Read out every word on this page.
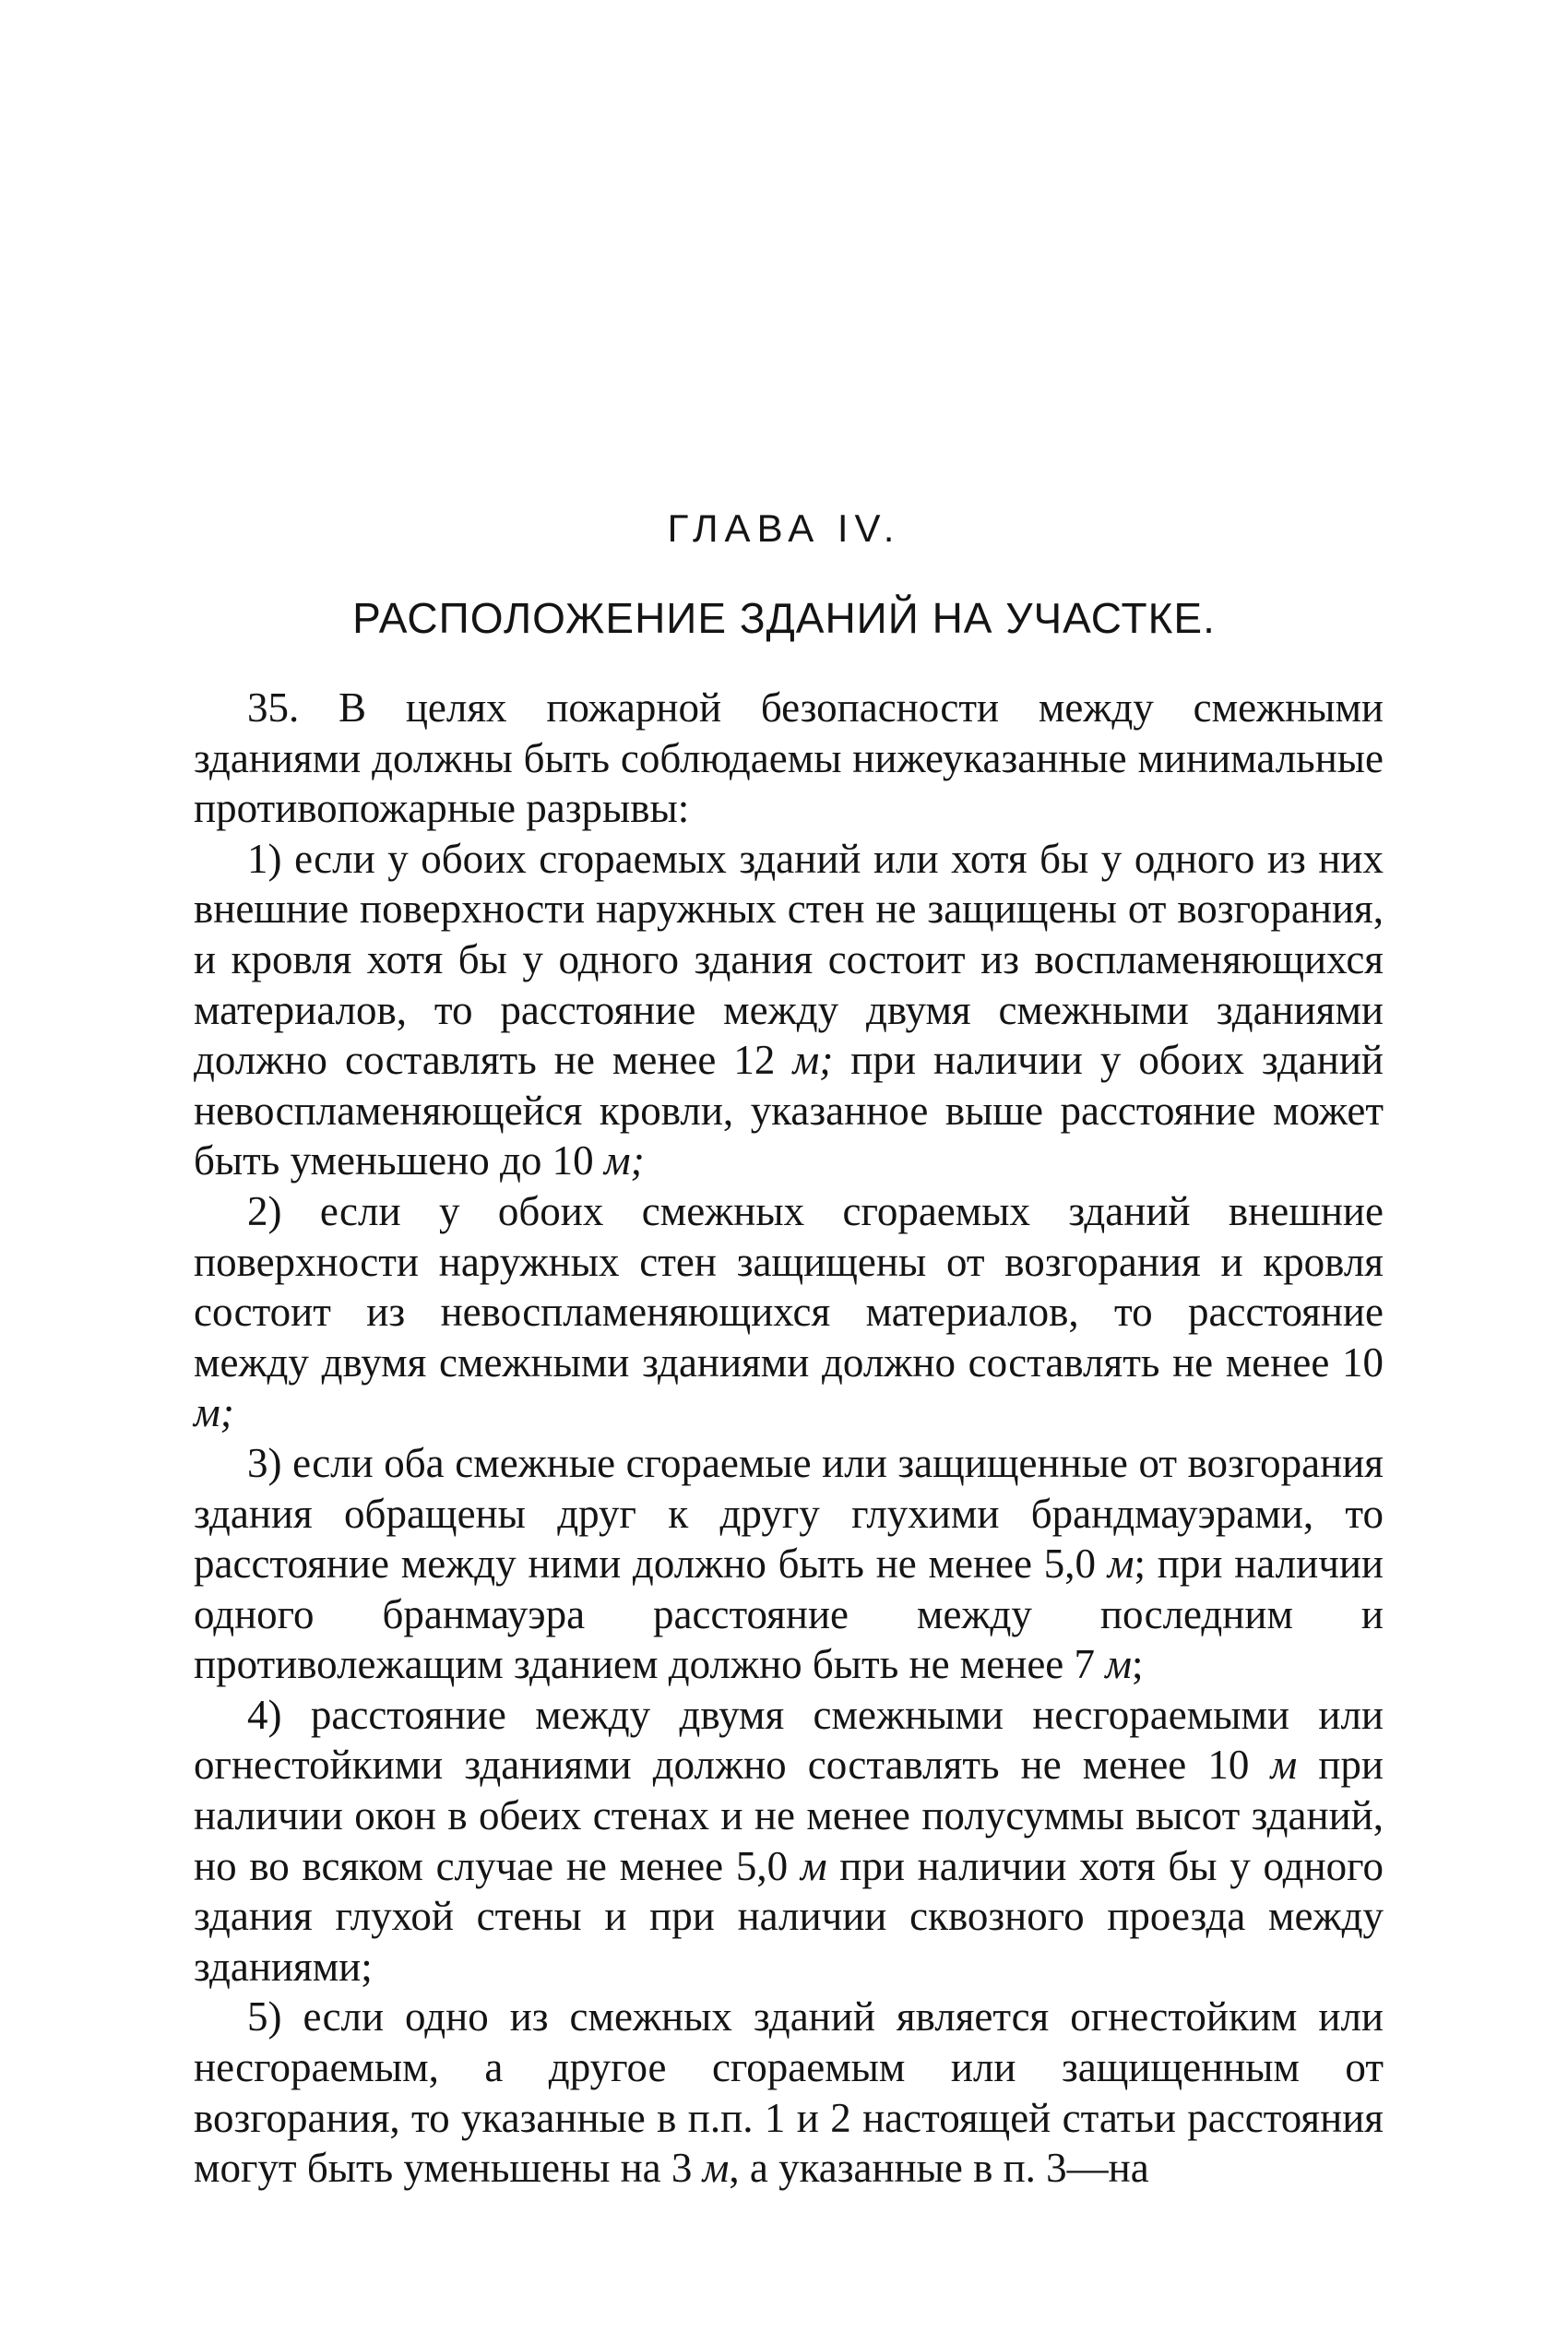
ГЛАВА IV.
РАСПОЛОЖЕНИЕ ЗДАНИЙ НА УЧАСТКЕ.

35. В целях пожарной безопасности между смежными зданиями должны быть соблюдаемы нижеуказанные минимальные противопожарные разрывы:

1) если у обоих сгораемых зданий или хотя бы у одного из них внешние поверхности наружных стен не защищены от возгорания, и кровля хотя бы у одного здания состоит из воспламеняющихся материалов, то расстояние между двумя смежными зданиями должно составлять не менее 12 м; при наличии у обоих зданий невоспламеняющейся кровли, указанное выше расстояние может быть уменьшено до 10 м;

2) если у обоих смежных сгораемых зданий внешние поверхности наружных стен защищены от возгорания и кровля состоит из невоспламеняющихся материалов, то расстояние между двумя смежными зданиями должно составлять не менее 10 м;

3) если оба смежные сгораемые или защищенные от возгорания здания обращены друг к другу глухими брандмауэрами, то расстояние между ними должно быть не менее 5,0 м; при наличии одного бранмауэра расстояние между последним и противолежащим зданием должно быть не менее 7 м;

4) расстояние между двумя смежными несгораемыми или огнестойкими зданиями должно составлять не менее 10 м при наличии окон в обеих стенах и не менее полусуммы высот зданий, но во всяком случае не менее 5,0 м при наличии хотя бы у одного здания глухой стены и при наличии сквозного проезда между зданиями;

5) если одно из смежных зданий является огнестойким или несгораемым, а другое сгораемым или защищенным от возгорания, то указанные в п.п. 1 и 2 настоящей статьи расстояния могут быть уменьшены на 3 м, а указанные в п. 3—на
